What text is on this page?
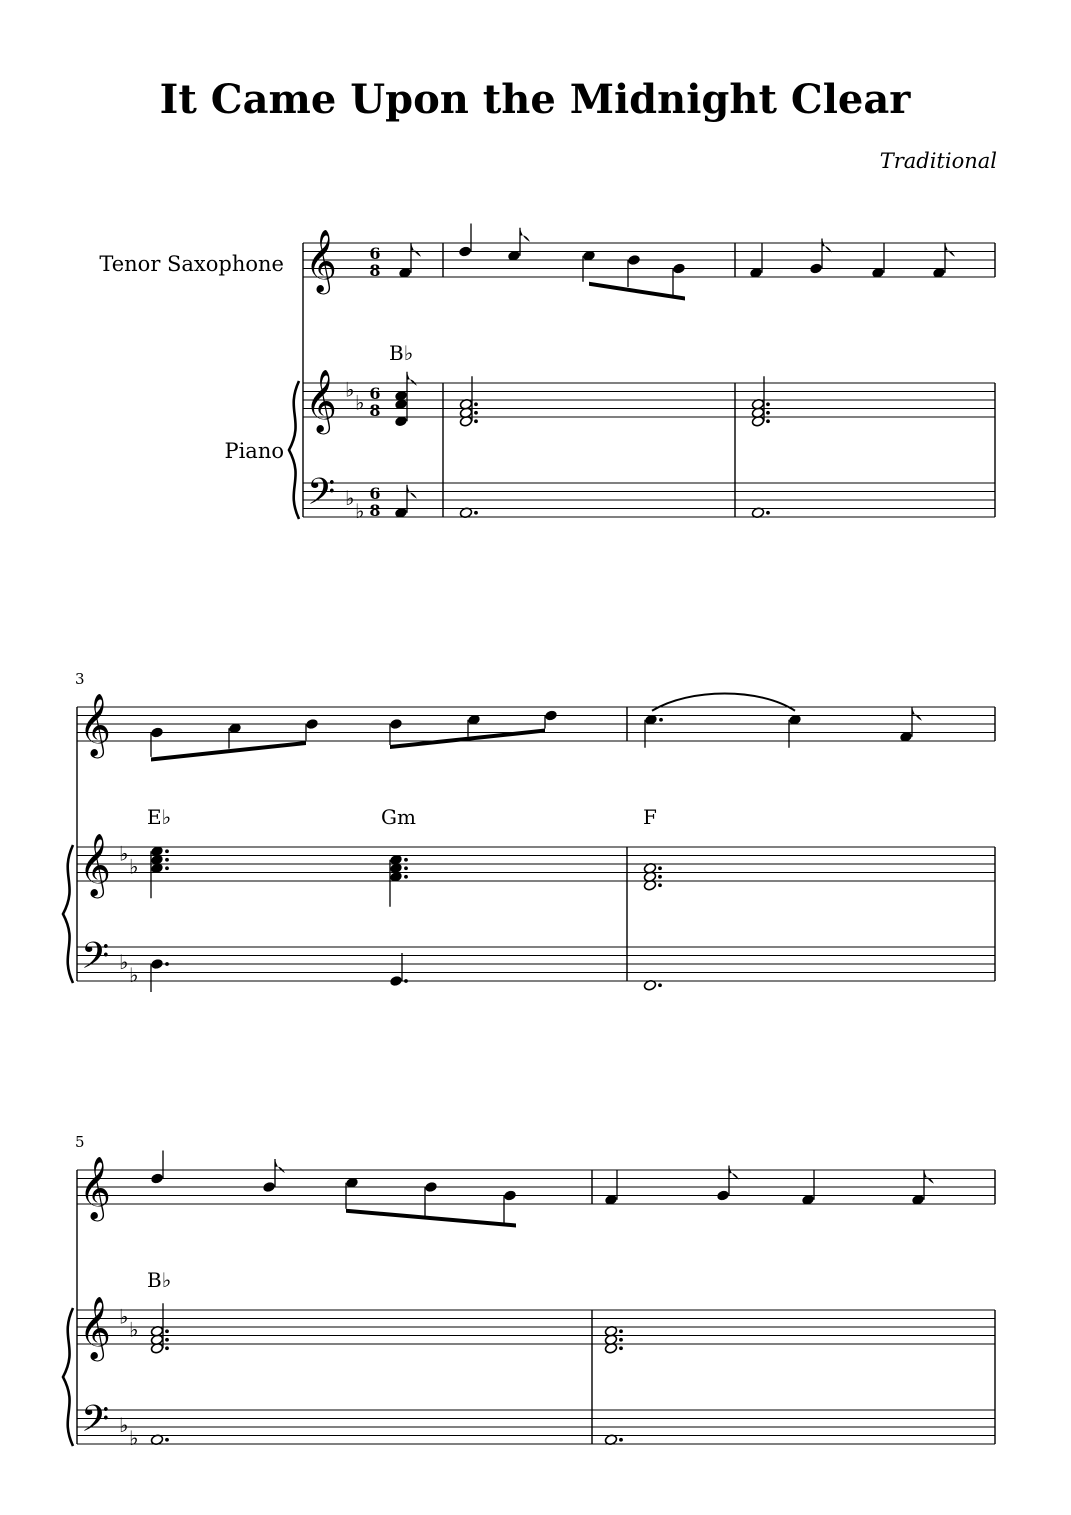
It Came Upon the Midnight Clear
Traditional
Tenor Saxophone
Piano
B♭
E♭	Gm	F
B♭
3
5
𝄞
𝄞
𝄢
♭
♭
♭
♭
6
8
6
8
6
8
𝄞
𝄞
𝄢
♭
♭
♭
♭
𝄞
𝄞
𝄢
♭
♭
♭
♭
